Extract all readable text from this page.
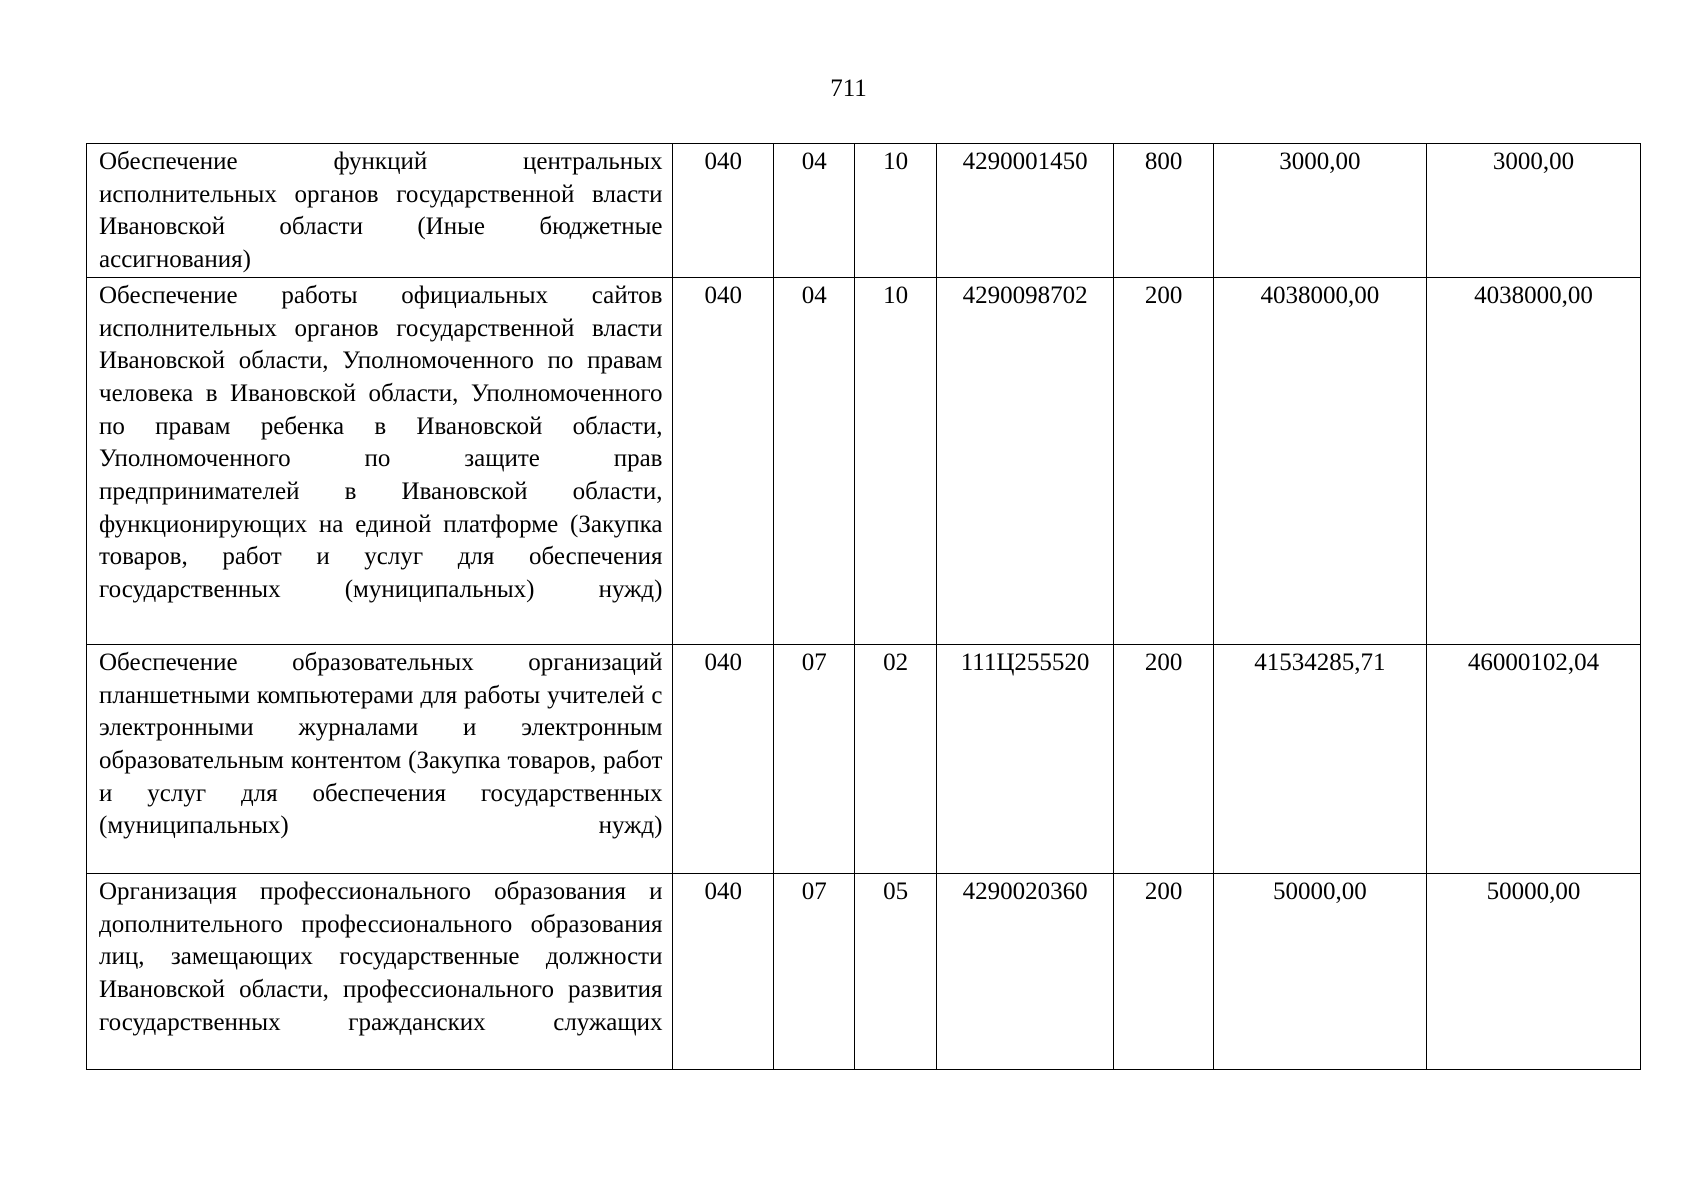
711
Обеспечение функций центральных исполнительных органов государственной власти Ивановской области (Иные бюджетные ассигнования)	040	04	10	4290001450	800	3000,00	3000,00
Обеспечение работы официальных сайтов исполнительных органов государственной власти Ивановской области, Уполномоченного по правам человека в Ивановской области, Уполномоченного по правам ребенка в Ивановской области, Уполномоченного по защите прав предпринимателей в Ивановской области, функционирующих на единой платформе (Закупка товаров, работ и услуг для обеспечения государственных (муниципальных) нужд)	040	04	10	4290098702	200	4038000,00	4038000,00
Обеспечение образовательных организаций планшетными компьютерами для работы учителей с электронными журналами и электронным образовательным контентом (Закупка товаров, работ и услуг для обеспечения государственных (муниципальных) нужд)	040	07	02	111Ц255520	200	41534285,71	46000102,04
Организация профессионального образования и дополнительного профессионального образования лиц, замещающих государственные должности Ивановской области, профессионального развития государственных гражданских служащих	040	07	05	4290020360	200	50000,00	50000,00
